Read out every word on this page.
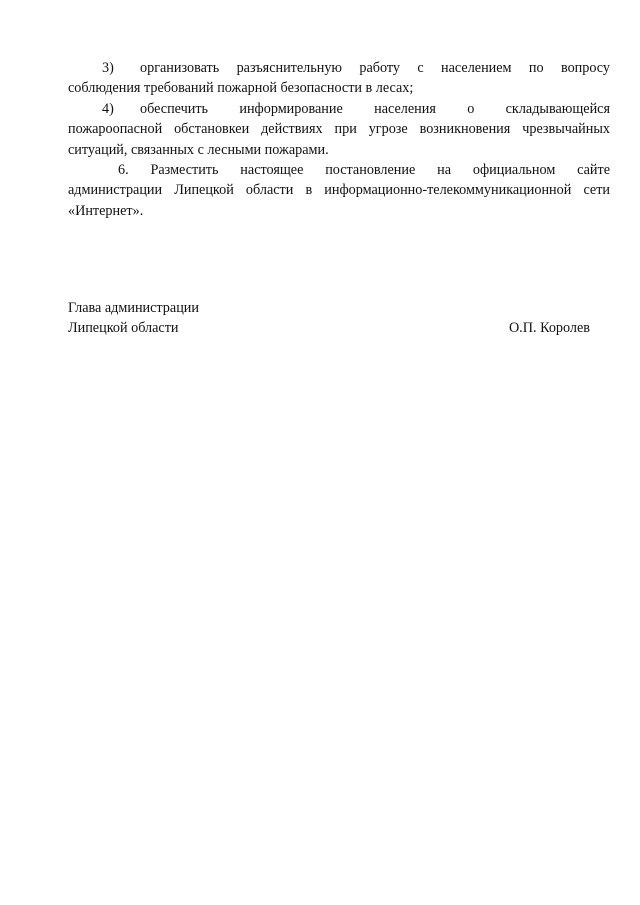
3) организовать разъяснительную работу с населением по вопросу

соблюдения требований пожарной безопасности в лесах;

4) обеспечить информирование населения о складывающейся

пожароопасной обстановкеи действиях при угрозе возникновения чрезвычайных

ситуаций, связанных с лесными пожарами.

6. Разместить настоящее постановление на официальном сайте

администрации Липецкой области в информационно-телекоммуникационной сети

«Интернет».

Глава администрации
Липецкой области	О.П. Королев
